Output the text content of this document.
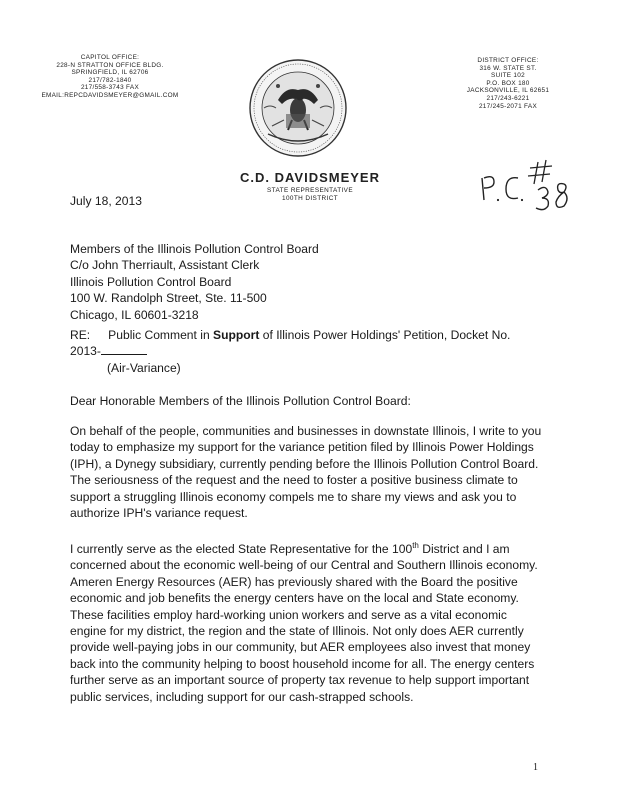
CAPITOL OFFICE:
228-N STRATTON OFFICE BLDG.
SPRINGFIELD, IL 62706
217/782-1840
217/558-3743 FAX
EMAIL:REPCDAVIDSMEYER@GMAIL.COM
DISTRICT OFFICE:
316 W. STATE ST.
SUITE 102
P.O. BOX 180
JACKSONVILLE, IL 62651
217/243-6221
217/245-2071 FAX
C.D. DAVIDSMEYER
STATE REPRESENTATIVE
100TH DISTRICT
July 18, 2013
Members of the Illinois Pollution Control Board
C/o John Therriault, Assistant Clerk
Illinois Pollution Control Board
100 W. Randolph Street, Ste. 11-500
Chicago, IL 60601-3218
RE: Public Comment in Support of Illinois Power Holdings' Petition, Docket No.
2013-
(Air-Variance)
Dear Honorable Members of the Illinois Pollution Control Board:
On behalf of the people, communities and businesses in downstate Illinois, I write to you
today to emphasize my support for the variance petition filed by Illinois Power Holdings
(IPH), a Dynegy subsidiary, currently pending before the Illinois Pollution Control Board.
The seriousness of the request and the need to foster a positive business climate to
support a struggling Illinois economy compels me to share my views and ask you to
authorize IPH's variance request.
I currently serve as the elected State Representative for the 100th District and I am
concerned about the economic well-being of our Central and Southern Illinois economy.
Ameren Energy Resources (AER) has previously shared with the Board the positive
economic and job benefits the energy centers have on the local and State economy.
These facilities employ hard-working union workers and serve as a vital economic
engine for my district, the region and the state of Illinois. Not only does AER currently
provide well-paying jobs in our community, but AER employees also invest that money
back into the community helping to boost household income for all. The energy centers
further serve as an important source of property tax revenue to help support important
public services, including support for our cash-strapped schools.
1
